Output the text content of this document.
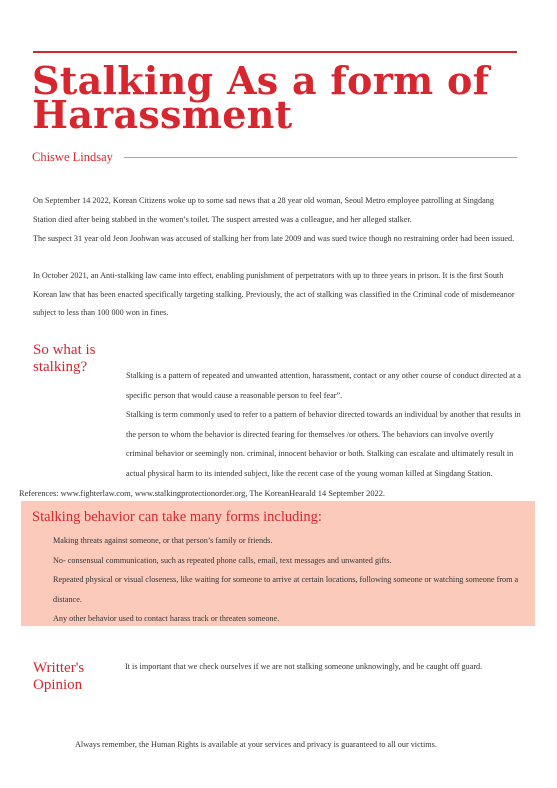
Stalking As a form of Harassment
Chiswe Lindsay

On September 14 2022, Korean Citizens woke up to some sad news that a 28 year old woman, Seoul Metro employee patrolling at Singdang Station died after being stabbed in the women’s toilet. The suspect arrested was a colleague, and her alleged stalker.

The suspect 31 year old Jeon Joohwan was accused of stalking her from late 2009 and was sued twice though no restraining order had been issued.

In October 2021, an Anti-stalking law came into effect, enabling punishment of perpetrators with up to three years in prison. It is the first South Korean law that has been enacted specifically targeting stalking. Previously, the act of stalking was classified in the Criminal code of misdemeanor subject to less than 100 000 won in fines.

So what is stalking?

Stalking is a pattern of repeated and unwanted attention, harassment, contact or any other course of conduct directed at a specific person that would cause a reasonable person to feel fear”.

Stalking is term commonly used to refer to a pattern of behavior directed towards an individual by another that results in the person to whom the behavior is directed fearing for themselves /or others. The behaviors can involve overtly criminal behavior or seemingly non. criminal, innocent behavior or both. Stalking can escalate and ultimately result in actual physical harm to its intended subject, like the recent case of the young woman killed at Singdang Station.

References: www.fighterlaw.com, www.stalkingprotectionorder.org, The KoreanHearald 14 September 2022.
Stalking behavior can take many forms including:
Making threats against someone, or that person’s family or friends.
No- consensual communication, such as repeated phone calls, email, text messages and unwanted gifts.
Repeated physical or visual closeness, like waiting for someone to arrive at certain locations, following someone or watching someone from a distance.
Any other behavior used to contact harass track or threaten someone.
Writter's Opinion

It is important that we check ourselves if we are not stalking someone unknowingly, and be caught off guard.

Always remember, the Human Rights is available at your services and privacy is guaranteed to all our victims.
